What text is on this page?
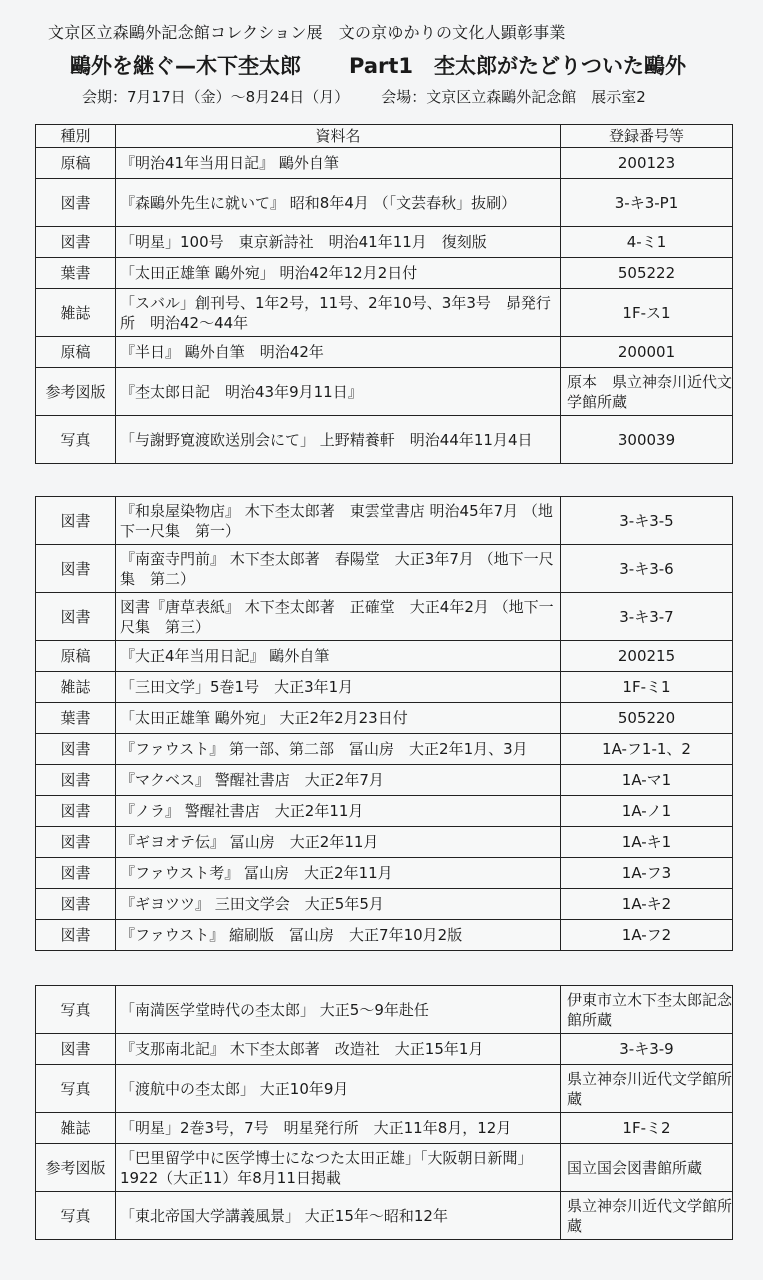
文京区立森鷗外記念館コレクション展 文の京ゆかりの文化人顕彰事業
鷗外を継ぐ—木下杢太郎 Part1　杢太郎がたどりついた鷗外
会期：7月17日（金）～8月24日（月） 会場：文京区立森鷗外記念館　展示室2
種別	資料名	登録番号等
原稿	『明治41年当用日記』 鷗外自筆	200123
図書	『森鷗外先生に就いて』 昭和8年4月 （「文芸春秋」抜刷）	3-キ3-P1
図書	「明星」100号　東京新詩社　明治41年11月　復刻版	4-ミ1
葉書	「太田正雄筆 鷗外宛」 明治42年12月2日付	505222
雑誌	「スバル」創刊号、1年2号，11号、2年10号、3年3号　昴発行所　明治42～44年	1F-ス1
原稿	『半日』 鷗外自筆　明治42年	200001
参考図版	『杢太郎日記　明治43年9月11日』	原本　県立神奈川近代文学館所蔵
写真	「与謝野寛渡欧送別会にて」 上野精養軒　明治44年11月4日	300039
図書	『和泉屋染物店』 木下杢太郎著　東雲堂書店 明治45年7月 （地下一尺集　第一）	3-キ3-5
図書	『南蛮寺門前』 木下杢太郎著　春陽堂　大正3年7月 （地下一尺集　第二）	3-キ3-6
図書	図書『唐草表紙』 木下杢太郎著　正確堂　大正4年2月 （地下一尺集　第三）	3-キ3-7
原稿	『大正4年当用日記』 鷗外自筆	200215
雑誌	「三田文学」5巻1号　大正3年1月	1F-ミ1
葉書	「太田正雄筆 鷗外宛」 大正2年2月23日付	505220
図書	『ファウスト』 第一部、第二部　冨山房　大正2年1月、3月	1A-フ1-1、2
図書	『マクベス』 警醒社書店　大正2年7月	1A-マ1
図書	『ノラ』 警醒社書店　大正2年11月	1A-ノ1
図書	『ギヨオテ伝』 冨山房　大正2年11月	1A-キ1
図書	『ファウスト考』 冨山房　大正2年11月	1A-フ3
図書	『ギヨツツ』 三田文学会　大正5年5月	1A-キ2
図書	『ファウスト』 縮刷版　冨山房　大正7年10月2版	1A-フ2
写真	「南満医学堂時代の杢太郎」 大正5～9年赴任	伊東市立木下杢太郎記念館所蔵
図書	『支那南北記』 木下杢太郎著　改造社　大正15年1月	3-キ3-9
写真	「渡航中の杢太郎」 大正10年9月	県立神奈川近代文学館所蔵
雑誌	「明星」2巻3号，7号　明星発行所　大正11年8月，12月	1F-ミ2
参考図版	「巴里留学中に医学博士になつた太田正雄」「大阪朝日新聞」 1922（大正11）年8月11日掲載	国立国会図書館所蔵
写真	「東北帝国大学講義風景」 大正15年～昭和12年	県立神奈川近代文学館所蔵
